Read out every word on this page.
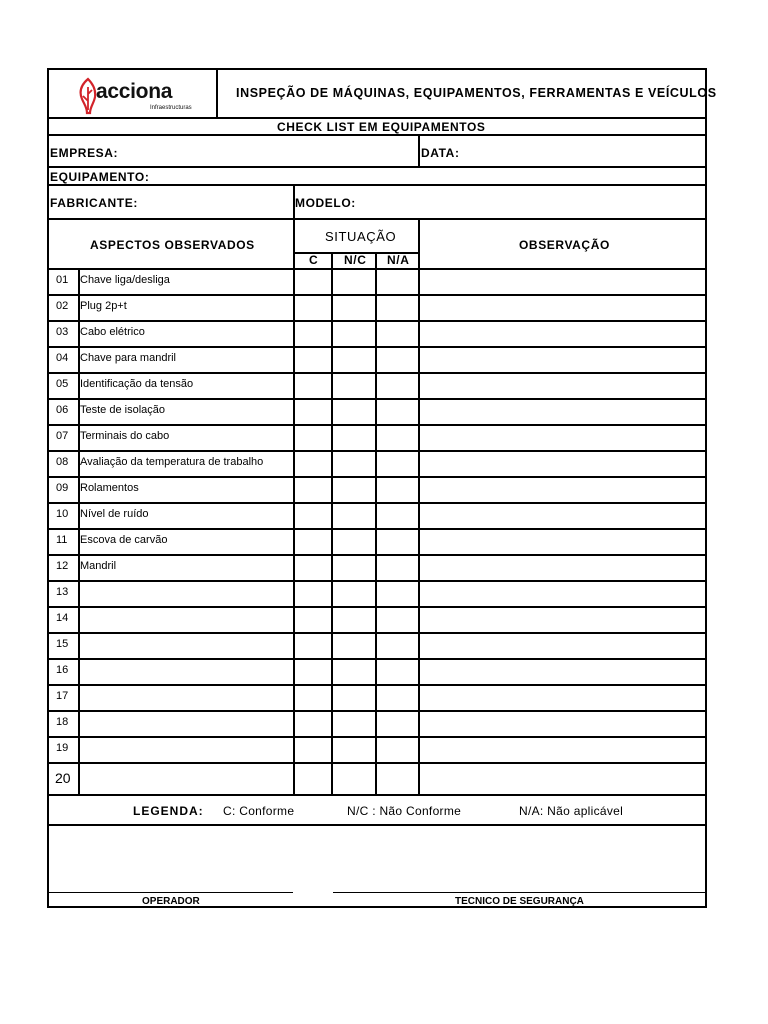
acciona
Infraestructuras
INSPEÇÃO DE MÁQUINAS, EQUIPAMENTOS, FERRAMENTAS E VEÍCULOS
CHECK LIST EM EQUIPAMENTOS
EMPRESA:	DATA:
EQUIPAMENTO:
FABRICANTE:	MODELO:
ASPECTOS OBSERVADOS
SITUAÇÃO
C N/C N/A
OBSERVAÇÃO
01 Chave liga/desliga
02 Plug 2p+t
03 Cabo elétrico
04 Chave para mandril
05 Identificação da tensão
06 Teste de isolação
07 Terminais do cabo
08 Avaliação da temperatura de trabalho
09 Rolamentos
10 Nível de ruído
11 Escova de carvão
12 Mandril
13
14
15
16
17
18
19
20
LEGENDA: C: Conforme	N/C : Não Conforme	N/A: Não aplicável
OPERADOR	TECNICO DE SEGURANÇA
